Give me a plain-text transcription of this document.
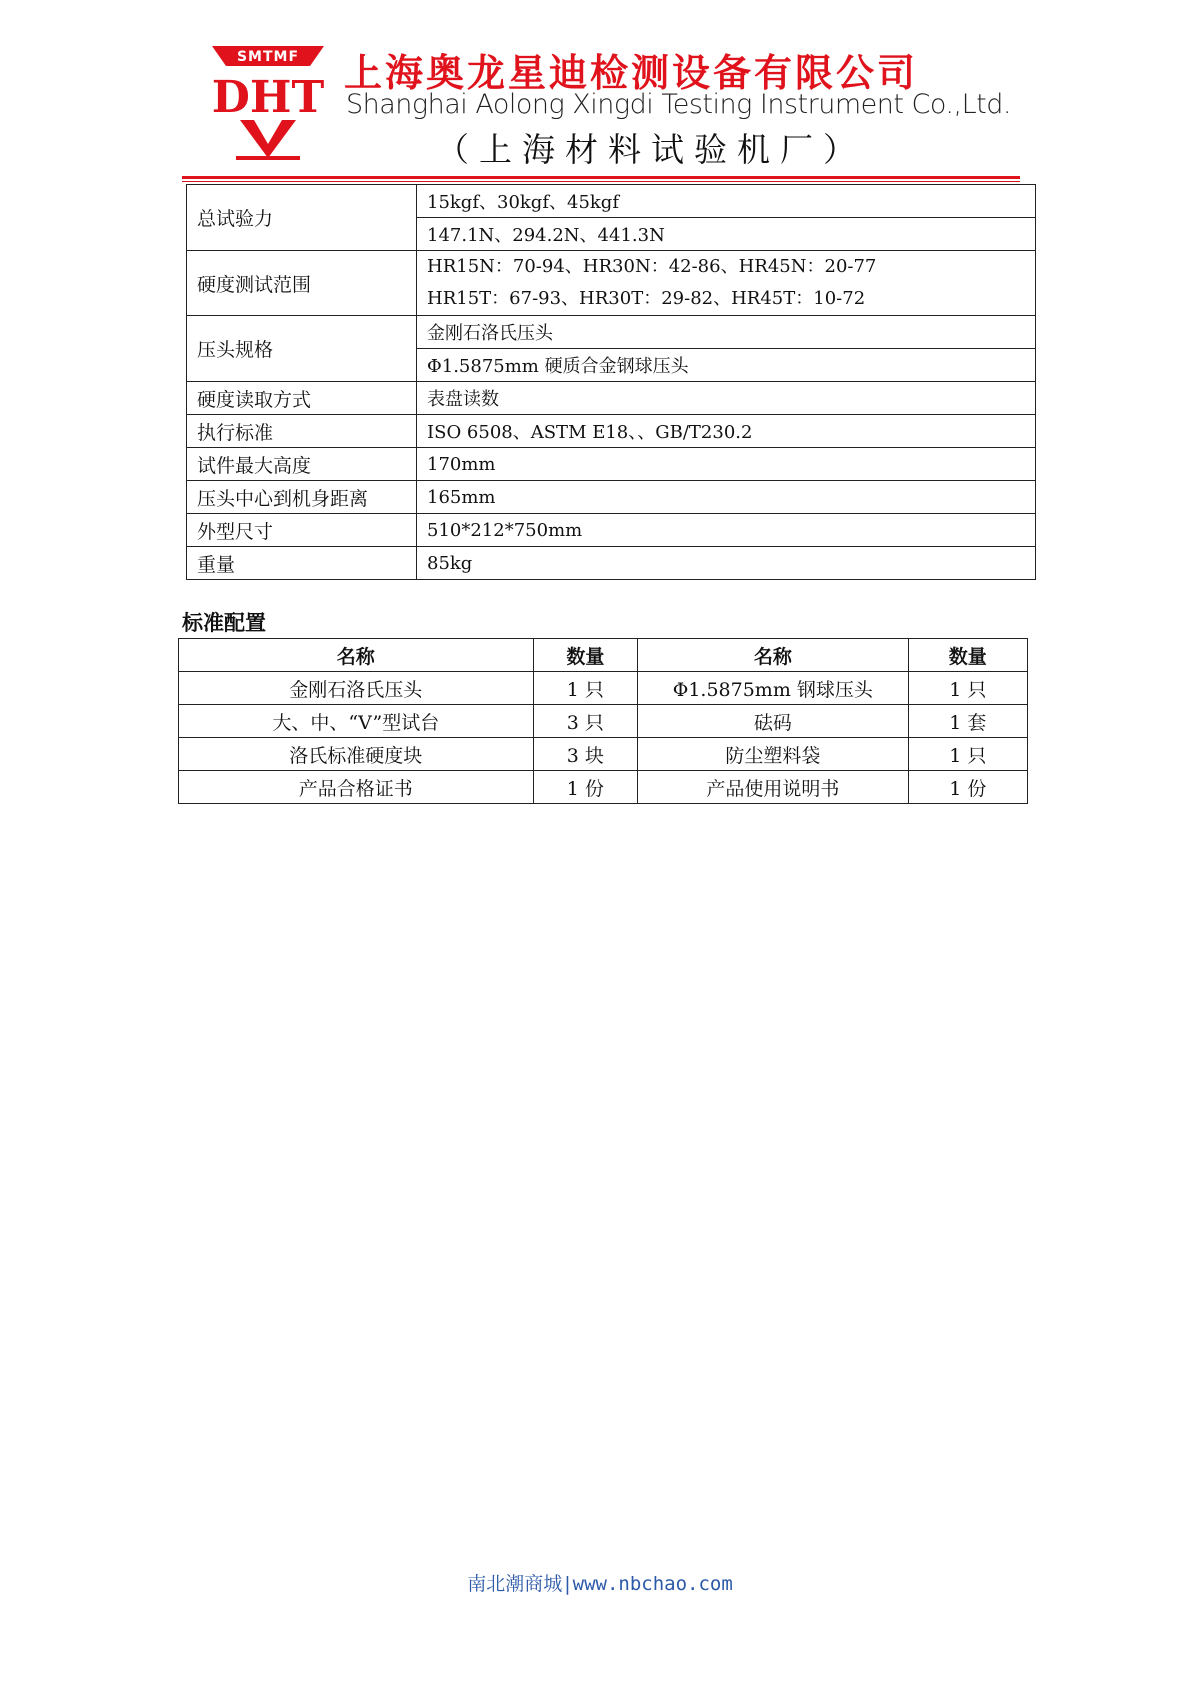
SMTMF
DHT 上海奥龙星迪检测设备有限公司
Shanghai Aolong Xingdi Testing Instrument Co.,Ltd.
（上海材料试验机厂）
总试验力	15kgf、30kgf、45kgf
	147.1N、294.2N、441.3N
硬度测试范围	HR15N：70-94、HR30N：42-86、HR45N：20-77
HR15T：67-93、HR30T：29-82、HR45T：10-72

压头规格	金刚石洛氏压头
	Φ1.5875mm 硬质合金钢球压头
硬度读取方式	表盘读数
执行标准	ISO 6508、ASTM E18、、GB/T230.2
试件最大高度	170mm
压头中心到机身距离	165mm
外型尺寸	510*212*750mm
重量	85kg
标准配置
名称	数量	名称	数量
金刚石洛氏压头	1 只	Φ1.5875mm 钢球压头	1 只
大、中、“V”型试台	3 只	砝码	1 套
洛氏标准硬度块	3 块	防尘塑料袋	1 只
产品合格证书	1 份	产品使用说明书	1 份
南北潮商城 | www.nbchao.com
